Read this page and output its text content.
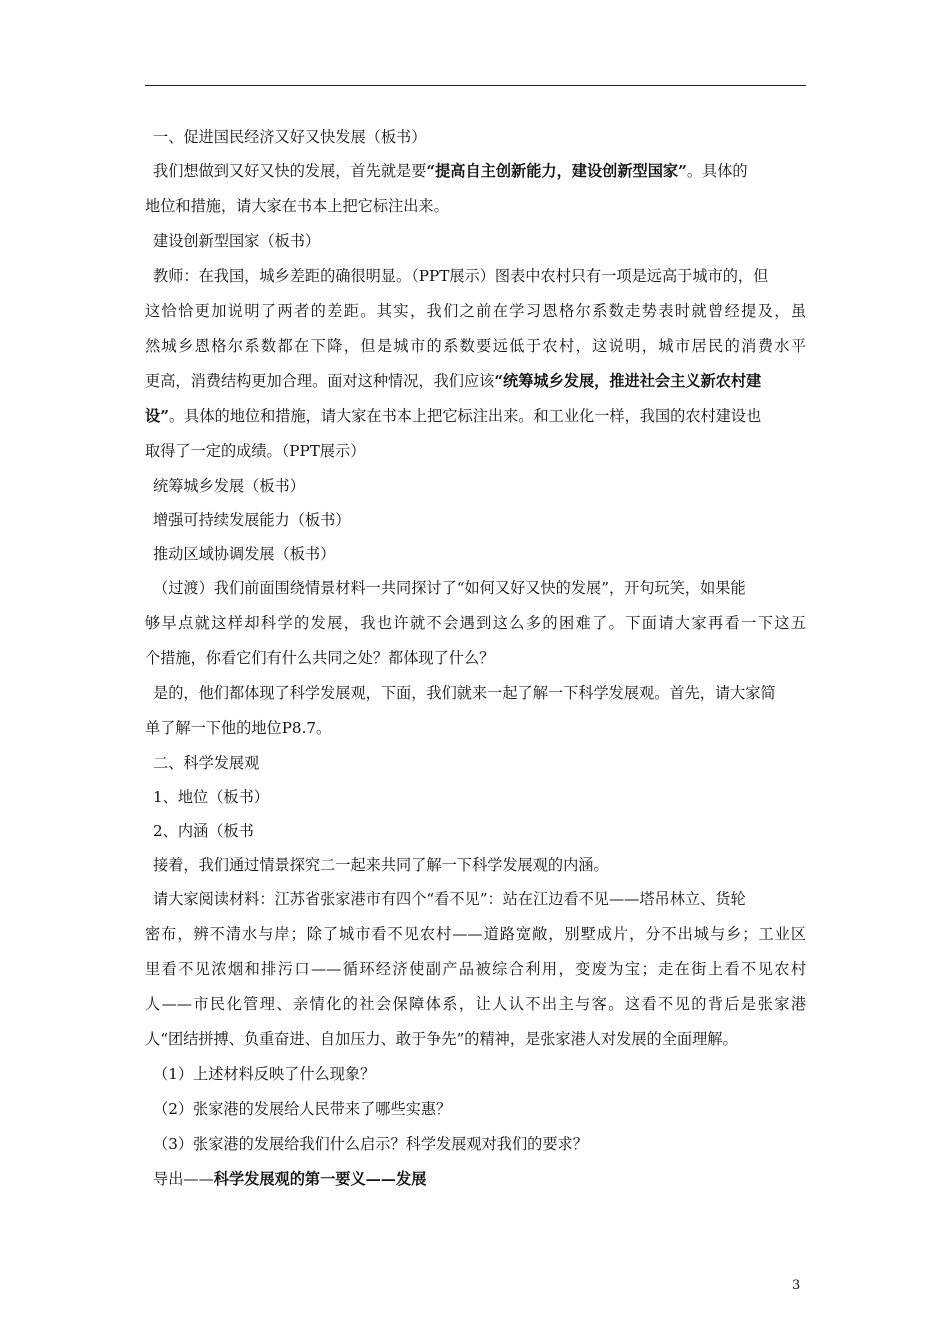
一、促进国民经济又好又快发展（板书）
我们想做到又好又快的发展，首先就是要“提高自主创新能力，建设创新型国家”。具体的
地位和措施，请大家在书本上把它标注出来。
建设创新型国家（板书）
教师：在我国，城乡差距的确很明显。（PPT展示）图表中农村只有一项是远高于城市的，但
这恰恰更加说明了两者的差距。其实，我们之前在学习恩格尔系数走势表时就曾经提及，虽
然城乡恩格尔系数都在下降，但是城市的系数要远低于农村，这说明，城市居民的消费水平
更高，消费结构更加合理。面对这种情况，我们应该“统筹城乡发展，推进社会主义新农村建
设”。具体的地位和措施，请大家在书本上把它标注出来。和工业化一样，我国的农村建设也
取得了一定的成绩。（PPT展示）
统筹城乡发展（板书）
增强可持续发展能力（板书）
推动区域协调发展（板书）
（过渡）我们前面围绕情景材料一共同探讨了“如何又好又快的发展”，开句玩笑，如果能
够早点就这样却科学的发展，我也许就不会遇到这么多的困难了。下面请大家再看一下这五
个措施，你看它们有什么共同之处？都体现了什么？
是的，他们都体现了科学发展观，下面，我们就来一起了解一下科学发展观。首先，请大家简
单了解一下他的地位P8.7。
二、科学发展观
1、地位（板书）
2、内涵（板书
接着，我们通过情景探究二一起来共同了解一下科学发展观的内涵。
请大家阅读材料：江苏省张家港市有四个“看不见”：站在江边看不见——塔吊林立、货轮
密布，辨不清水与岸；除了城市看不见农村——道路宽敞，别墅成片，分不出城与乡；工业区
里看不见浓烟和排污口——循环经济使副产品被综合利用，变废为宝；走在街上看不见农村
人——市民化管理、亲情化的社会保障体系，让人认不出主与客。这看不见的背后是张家港
人“团结拼搏、负重奋进、自加压力、敢于争先”的精神，是张家港人对发展的全面理解。
（1）上述材料反映了什么现象？
（2）张家港的发展给人民带来了哪些实惠？
（3）张家港的发展给我们什么启示？科学发展观对我们的要求？
导出——科学发展观的第一要义——发展
3
